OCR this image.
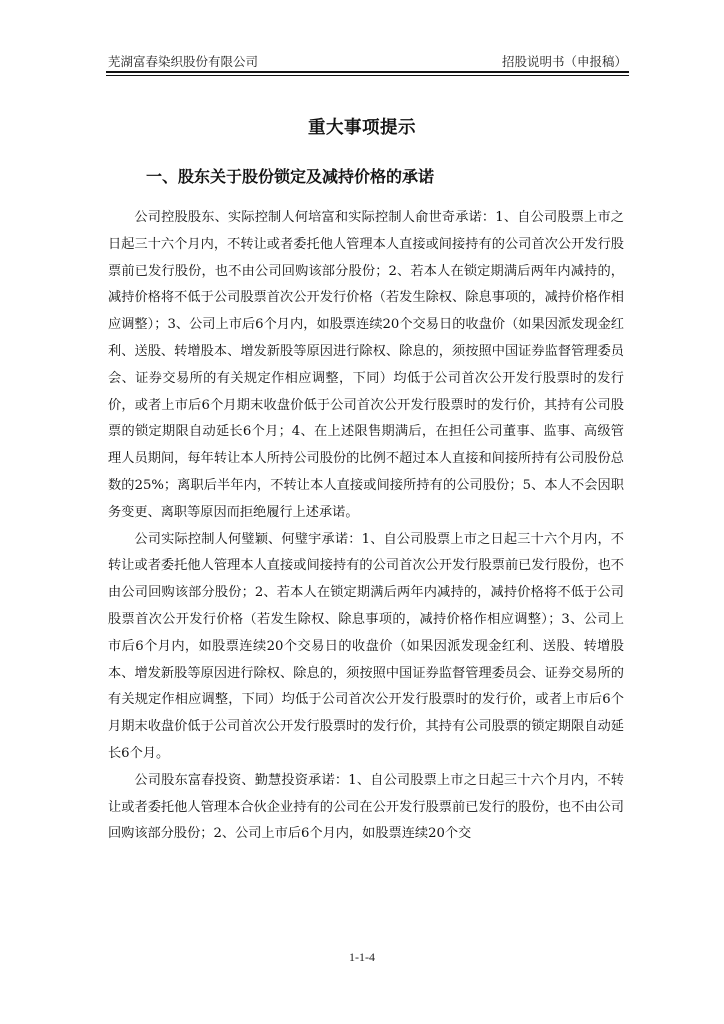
芜湖富春染织股份有限公司	招股说明书（申报稿）
重大事项提示
一、股东关于股份锁定及减持价格的承诺

公司控股股东、实际控制人何培富和实际控制人俞世奇承诺：1、自公司股票上市之日起三十六个月内，不转让或者委托他人管理本人直接或间接持有的公司首次公开发行股票前已发行股份，也不由公司回购该部分股份；2、若本人在锁定期满后两年内减持的，减持价格将不低于公司股票首次公开发行价格（若发生除权、除息事项的，减持价格作相应调整）；3、公司上市后6个月内，如股票连续20个交易日的收盘价（如果因派发现金红利、送股、转增股本、增发新股等原因进行除权、除息的，须按照中国证券监督管理委员会、证券交易所的有关规定作相应调整，下同）均低于公司首次公开发行股票时的发行价，或者上市后6个月期末收盘价低于公司首次公开发行股票时的发行价，其持有公司股票的锁定期限自动延长6个月；4、在上述限售期满后，在担任公司董事、监事、高级管理人员期间，每年转让本人所持公司股份的比例不超过本人直接和间接所持有公司股份总数的25%；离职后半年内，不转让本人直接或间接所持有的公司股份；5、本人不会因职务变更、离职等原因而拒绝履行上述承诺。

公司实际控制人何璧颖、何璧宇承诺：1、自公司股票上市之日起三十六个月内，不转让或者委托他人管理本人直接或间接持有的公司首次公开发行股票前已发行股份，也不由公司回购该部分股份；2、若本人在锁定期满后两年内减持的，减持价格将不低于公司股票首次公开发行价格（若发生除权、除息事项的，减持价格作相应调整）；3、公司上市后6个月内，如股票连续20个交易日的收盘价（如果因派发现金红利、送股、转增股本、增发新股等原因进行除权、除息的，须按照中国证券监督管理委员会、证券交易所的有关规定作相应调整，下同）均低于公司首次公开发行股票时的发行价，或者上市后6个月期末收盘价低于公司首次公开发行股票时的发行价，其持有公司股票的锁定期限自动延长6个月。

公司股东富春投资、勤慧投资承诺：1、自公司股票上市之日起三十六个月内，不转让或者委托他人管理本合伙企业持有的公司在公开发行股票前已发行的股份，也不由公司回购该部分股份；2、公司上市后6个月内，如股票连续20个交

1-1-4
